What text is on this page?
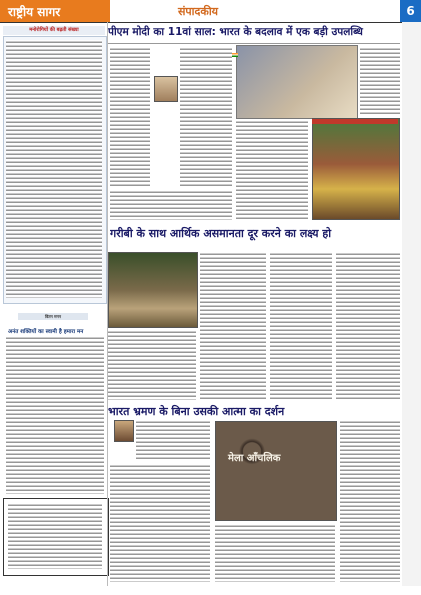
राष्ट्रीय सागर	संपादकीय	6
मनोरोगियों की बढ़ती संख्या
विंतन मनन
अनंत शक्तियों का स्वामी है हमारा मन
पीएम मोदी का 11वां साल: भारत के बदलाव में एक बड़ी उपलब्धि
गरीबी के साथ आर्थिक असमानता दूर करने का लक्ष्य हो
भारत भ्रमण के बिना उसकी आत्मा का दर्शन
मेला आँचलिक
